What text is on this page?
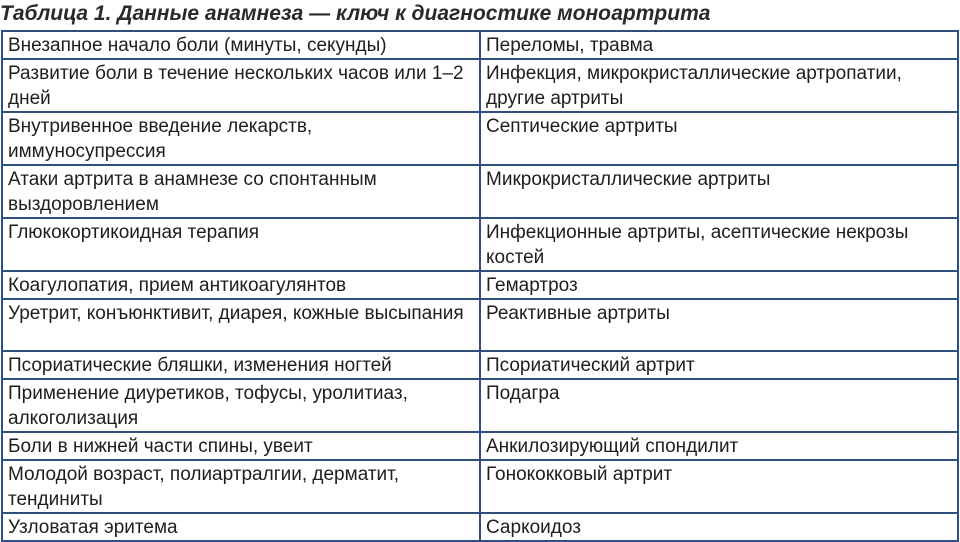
Таблица 1. Данные анамнеза — ключ к диагностике моноартрита
Внезапное начало боли (минуты, секунды)	Переломы, травма
Развитие боли в течение нескольких часов или 1–2 дней	Инфекция, микрокристаллические артропатии, другие артриты
Внутривенное введение лекарств, иммуносупрессия	Септические артриты
Атаки артрита в анамнезе со спонтанным выздоровлением	Микрокристаллические артриты
Глюкокортикоидная терапия	Инфекционные артриты, асептические некрозы костей
Коагулопатия, прием антикоагулянтов	Гемартроз
Уретрит, конъюнктивит, диарея, кожные высыпания	Реактивные артриты
Псориатические бляшки, изменения ногтей	Псориатический артрит
Применение диуретиков, тофусы, уролитиаз, алкоголизация	Подагра
Боли в нижней части спины, увеит	Анкилозирующий спондилит
Молодой возраст, полиартралгии, дерматит, тендиниты	Гонококковый артрит
Узловатая эритема	Саркоидоз
